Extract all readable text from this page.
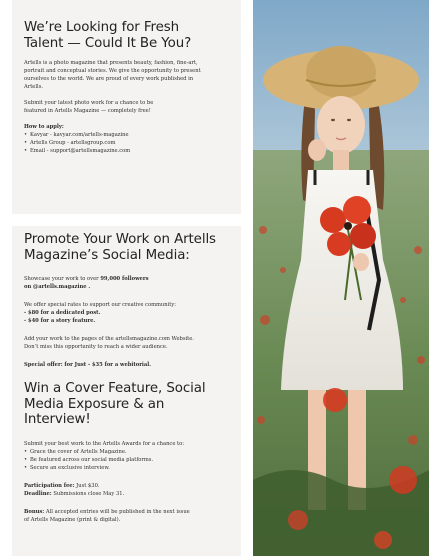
We’re Looking for Fresh
Talent — Could It Be You?

Artells is a photo magazine that presents beauty, fashion, fine-art,
portrait and conceptual stories. We give the opportunity to present
ourselves to the world. We are proud of every work published in
Artells.

Submit your latest photo work for a chance to be
featured in Artells Magazine — completely free!

How to apply:

• Kavyar - kavyar.com/artells-magazine
• Artells Group - artellsgroup.com
• Email - support@artellsmagazine.com
Promote Your Work on Artells
Magazine’s Social Media:

Showcase your work to over 99,000 followers
on @artells.magazine .

We offer special rates to support our creative community:
- $80 for a dedicated post.
- $40 for a story feature.

Add your work to the pages of the artellsmagazine.com Website.
Don’t miss this opportunity to reach a wider audience.

Special offer: for Just - $35 for a webitorial.

Win a Cover Feature, Social
Media Exposure & an Interview!

Submit your best work to the Artells Awards for a chance to:

• Grace the cover of Artells Magazine.
• Be featured across our social media platforms.
• Secure an exclusive interview.

Participation fee: Just $30.
Deadline: Submissions close May 31.

Bonus: All accepted entries will be published in the next issue
of Artells Magazine (print & digital).
